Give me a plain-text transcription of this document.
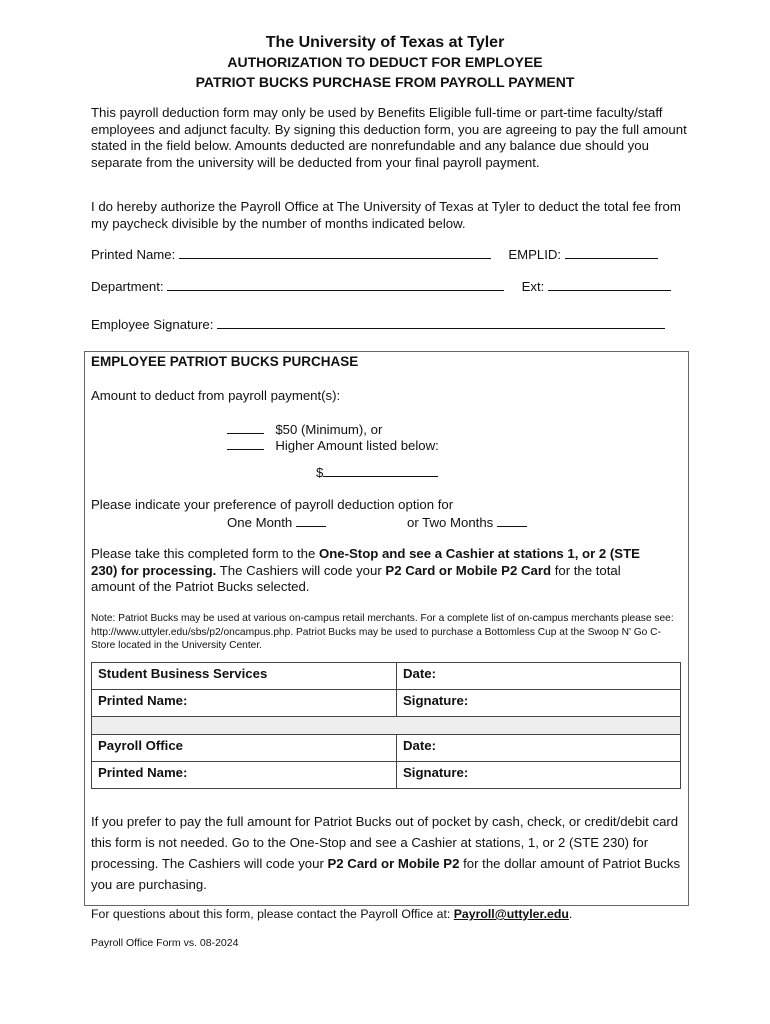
The University of Texas at Tyler
AUTHORIZATION TO DEDUCT FOR EMPLOYEE
PATRIOT BUCKS PURCHASE FROM PAYROLL PAYMENT
This payroll deduction form may only be used by Benefits Eligible full-time or part-time faculty/staff employees and adjunct faculty. By signing this deduction form, you are agreeing to pay the full amount stated in the field below. Amounts deducted are nonrefundable and any balance due should you separate from the university will be deducted from your final payroll payment.
I do hereby authorize the Payroll Office at The University of Texas at Tyler to deduct the total fee from my paycheck divisible by the number of months indicated below.
Printed Name:	EMPLID:
Department:	Ext:
Employee Signature:
EMPLOYEE PATRIOT BUCKS PURCHASE
Amount to deduct from payroll payment(s):
$50 (Minimum), or
Higher Amount listed below:
$
Please indicate your preference of payroll deduction option for
One Month	or Two Months
Please take this completed form to the One-Stop and see a Cashier at stations 1, or 2 (STE 230) for processing. The Cashiers will code your P2 Card or Mobile P2 Card for the total amount of the Patriot Bucks selected.
Note: Patriot Bucks may be used at various on-campus retail merchants. For a complete list of on-campus merchants please see: http://www.uttyler.edu/sbs/p2/oncampus.php. Patriot Bucks may be used to purchase a Bottomless Cup at the Swoop N' Go C-Store located in the University Center.
Student Business Services	Date:
Printed Name:	Signature:

Payroll Office	Date:
Printed Name:	Signature:
If you prefer to pay the full amount for Patriot Bucks out of pocket by cash, check, or credit/debit card this form is not needed. Go to the One-Stop and see a Cashier at stations, 1, or 2 (STE 230) for processing. The Cashiers will code your P2 Card or Mobile P2 for the dollar amount of Patriot Bucks you are purchasing.
For questions about this form, please contact the Payroll Office at: Payroll@uttyler.edu.
Payroll Office Form vs. 08-2024
